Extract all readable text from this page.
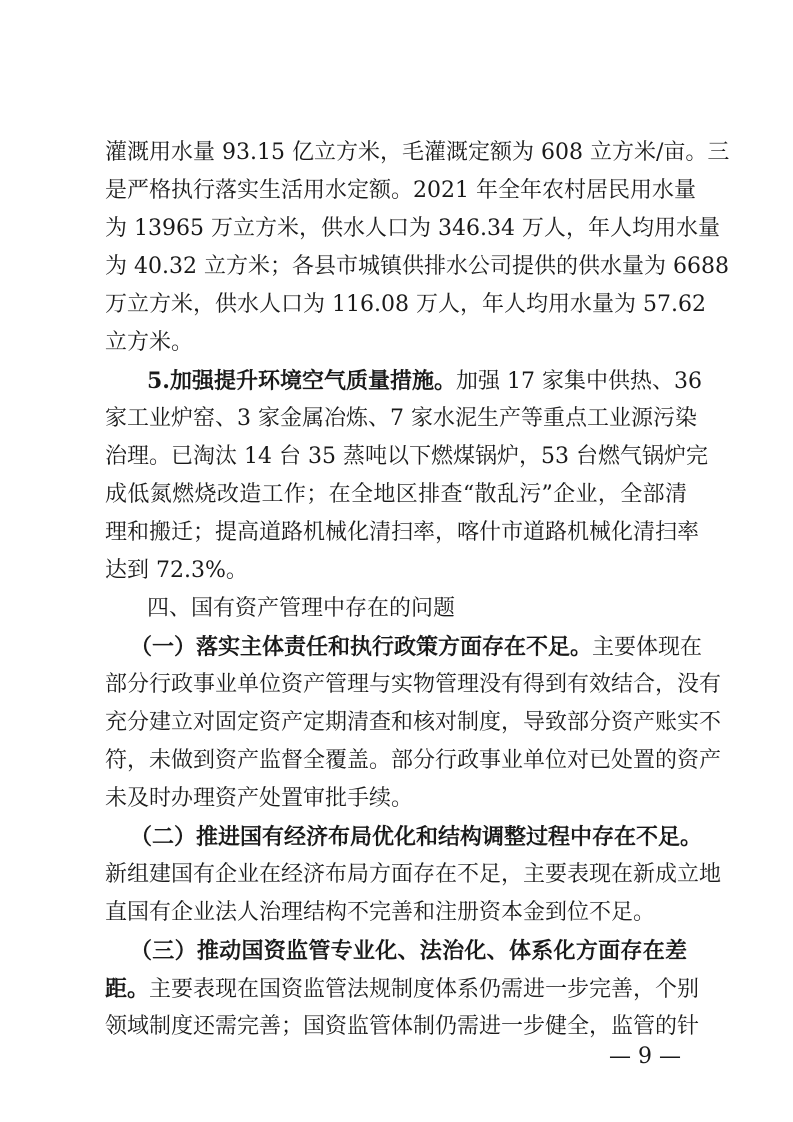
灌溉用水量 93.15 亿立方米，毛灌溉定额为 608 立方米/亩。三
是严格执行落实生活用水定额。2021 年全年农村居民用水量
为 13965 万立方米，供水人口为 346.34 万人，年人均用水量
为 40.32 立方米；各县市城镇供排水公司提供的供水量为 6688
万立方米，供水人口为 116.08 万人，年人均用水量为 57.62
立方米。
5.加强提升环境空气质量措施。加强 17 家集中供热、36
家工业炉窑、3 家金属冶炼、7 家水泥生产等重点工业源污染
治理。已淘汰 14 台 35 蒸吨以下燃煤锅炉，53 台燃气锅炉完
成低氮燃烧改造工作；在全地区排查“散乱污”企业，全部清
理和搬迁；提高道路机械化清扫率，喀什市道路机械化清扫率
达到 72.3%。
四、国有资产管理中存在的问题
（一）落实主体责任和执行政策方面存在不足。主要体现在
部分行政事业单位资产管理与实物管理没有得到有效结合，没有
充分建立对固定资产定期清查和核对制度，导致部分资产账实不
符，未做到资产监督全覆盖。部分行政事业单位对已处置的资产
未及时办理资产处置审批手续。
（二）推进国有经济布局优化和结构调整过程中存在不足。
新组建国有企业在经济布局方面存在不足，主要表现在新成立地
直国有企业法人治理结构不完善和注册资本金到位不足。
（三）推动国资监管专业化、法治化、体系化方面存在差
距。主要表现在国资监管法规制度体系仍需进一步完善，个别
领域制度还需完善；国资监管体制仍需进一步健全，监管的针
— 9 —
